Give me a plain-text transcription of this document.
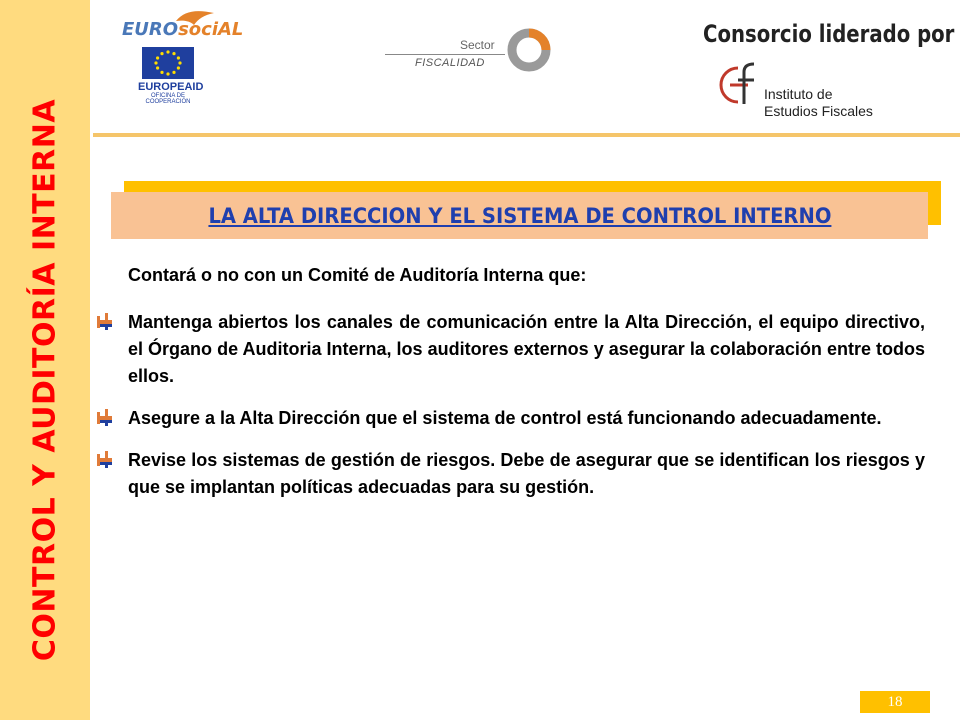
CONTROL Y AUDITORÍA INTERNA
EUROsociAL
EUROPEAID
OFICINA DE COOPERACIÓN
Sector
FISCALIDAD
Consorcio liderado por
Instituto de
Estudios Fiscales
LA ALTA DIRECCION Y EL SISTEMA DE CONTROL INTERNO

Contará o no con un Comité de Auditoría Interna que:

Mantenga abiertos los canales de comunicación entre la Alta Dirección, el equipo directivo, el Órgano de Auditoria Interna, los auditores externos y asegurar la colaboración entre todos ellos.

Asegure a la Alta Dirección que el sistema de control está funcionando adecuadamente.

Revise los sistemas de gestión de riesgos. Debe de asegurar que se identifican los riesgos y que se implantan políticas adecuadas para su gestión.

18
